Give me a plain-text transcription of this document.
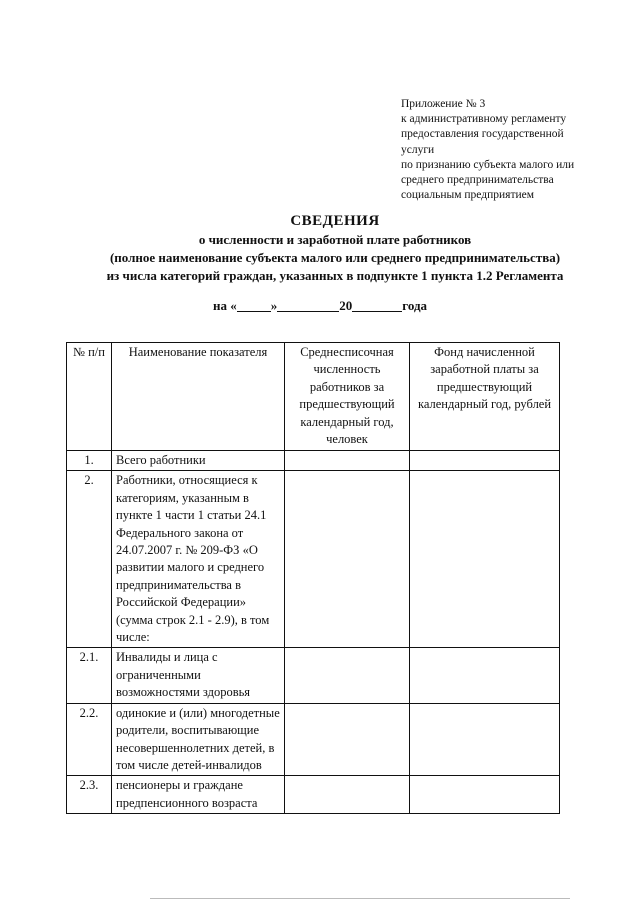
Приложение № 3
к административному регламенту
предоставления государственной
услуги
по признанию субъекта малого или
среднего предпринимательства
социальным предприятием
СВЕДЕНИЯ
о численности и заработной плате работников
(полное наименование субъекта малого или среднего предпринимательства)
из числа категорий граждан, указанных в подпункте 1 пункта 1.2 Регламента
на «	»	20	года
№ п/п	Наименование показателя	Среднесписочная численность работников за предшествующий календарный год, человек	Фонд начисленной заработной платы за предшествующий календарный год, рублей
1.	Всего работники		
2.	Работники, относящиеся к категориям, указанным в пункте 1 части 1 статьи 24.1 Федерального закона от 24.07.2007 г. № 209-ФЗ «О развитии малого и среднего предпринимательства в Российской Федерации» (сумма строк 2.1 - 2.9), в том числе:		
2.1.	Инвалиды и лица с ограниченными возможностями здоровья		
2.2.	одинокие и (или) многодетные родители, воспитывающие несовершеннолетних детей, в том числе детей-инвалидов		
2.3.	пенсионеры и граждане предпенсионного возраста		
